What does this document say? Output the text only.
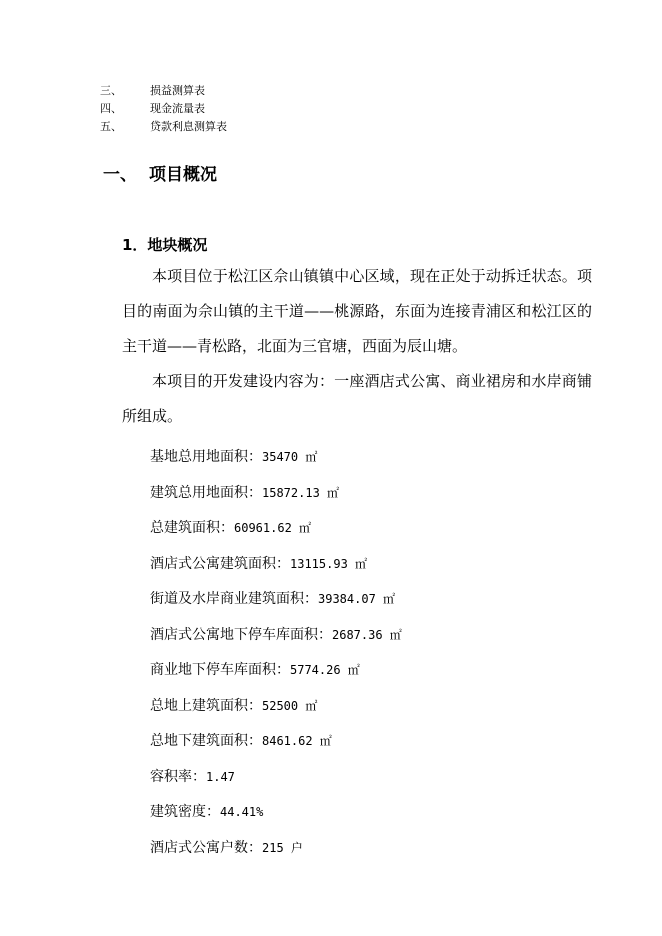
三、	损益测算表
四、	现金流量表
五、	贷款利息测算表
一、 项目概况
1．地块概况

本项目位于松江区佘山镇镇中心区域，现在正处于动拆迁状态。项目的南面为佘山镇的主干道——桃源路，东面为连接青浦区和松江区的主干道——青松路，北面为三官塘，西面为辰山塘。

本项目的开发建设内容为：一座酒店式公寓、商业裙房和水岸商铺所组成。

基地总用地面积：35470 ㎡
建筑总用地面积：15872.13 ㎡
总建筑面积：60961.62 ㎡
酒店式公寓建筑面积：13115.93 ㎡
街道及水岸商业建筑面积：39384.07 ㎡
酒店式公寓地下停车库面积：2687.36 ㎡
商业地下停车库面积：5774.26 ㎡
总地上建筑面积：52500 ㎡
总地下建筑面积：8461.62 ㎡
容积率：1.47
建筑密度：44.41%
酒店式公寓户数：215 户
